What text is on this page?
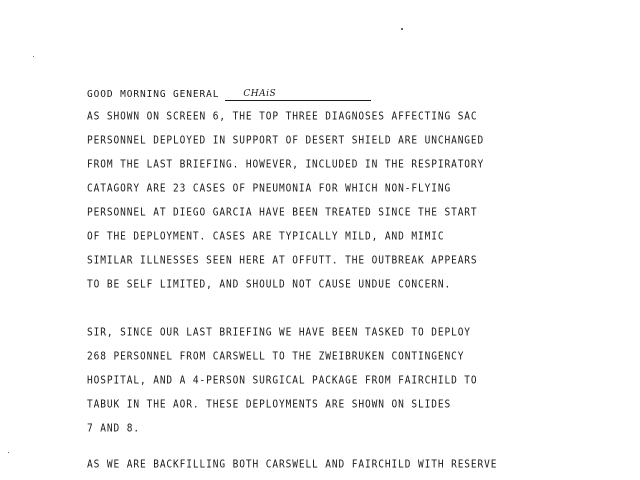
GOOD MORNING GENERAL	CHAiS
AS SHOWN ON SCREEN 6, THE TOP THREE DIAGNOSES AFFECTING SAC
PERSONNEL DEPLOYED IN SUPPORT OF DESERT SHIELD ARE UNCHANGED
FROM THE LAST BRIEFING. HOWEVER, INCLUDED IN THE RESPIRATORY
CATAGORY ARE 23 CASES OF PNEUMONIA FOR WHICH NON-FLYING
PERSONNEL AT DIEGO GARCIA HAVE BEEN TREATED SINCE THE START
OF THE DEPLOYMENT. CASES ARE TYPICALLY MILD, AND MIMIC
SIMILAR ILLNESSES SEEN HERE AT OFFUTT. THE OUTBREAK APPEARS
TO BE SELF LIMITED, AND SHOULD NOT CAUSE UNDUE CONCERN.
SIR, SINCE OUR LAST BRIEFING WE HAVE BEEN TASKED TO DEPLOY
268 PERSONNEL FROM CARSWELL TO THE ZWEIBRUKEN CONTINGENCY
HOSPITAL, AND A 4-PERSON SURGICAL PACKAGE FROM FAIRCHILD TO
TABUK IN THE AOR. THESE DEPLOYMENTS ARE SHOWN ON SLIDES
7 AND 8.
AS WE ARE BACKFILLING BOTH CARSWELL AND FAIRCHILD WITH RESERVE
